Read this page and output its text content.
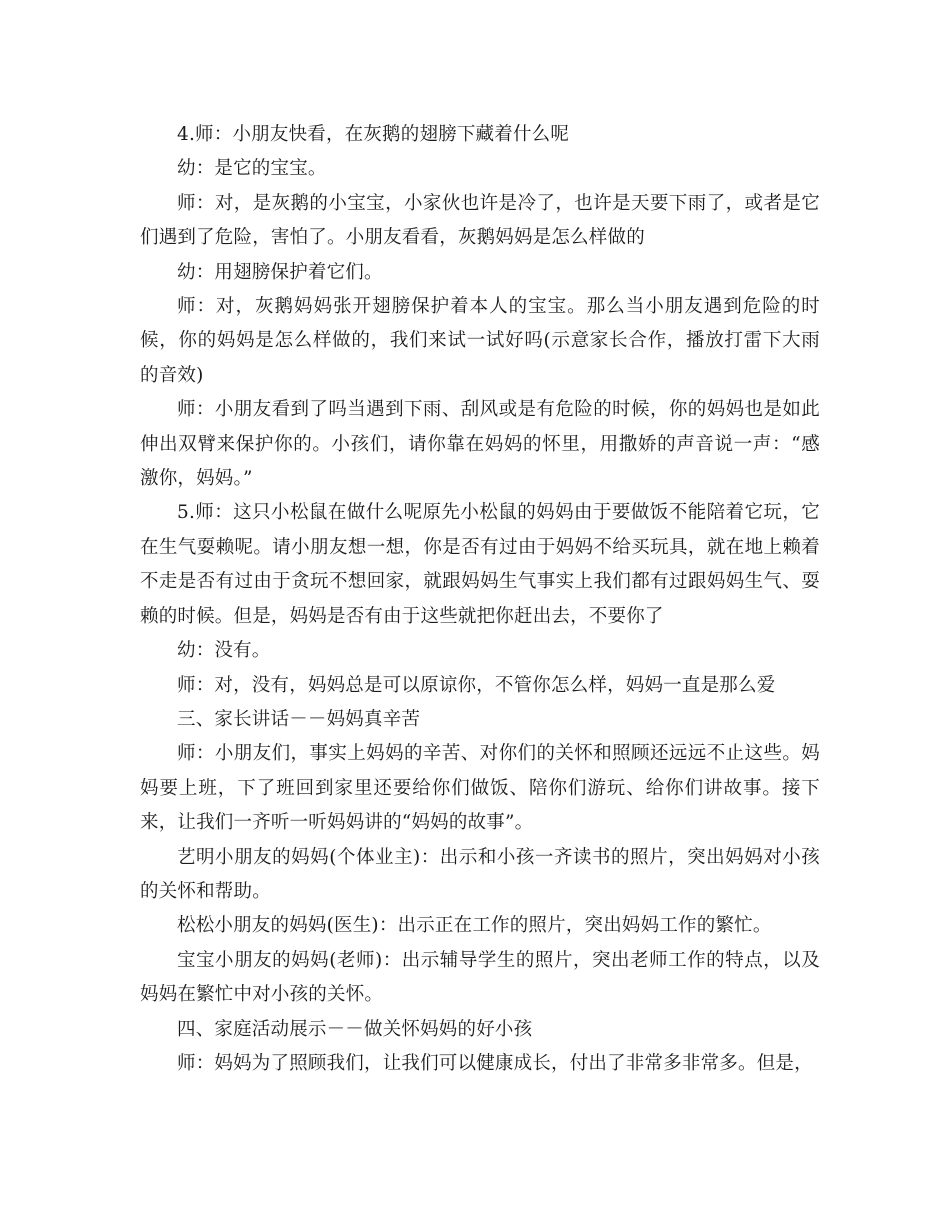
4.师：小朋友快看，在灰鹅的翅膀下藏着什么呢

幼：是它的宝宝。

师：对，是灰鹅的小宝宝，小家伙也许是冷了，也许是天要下雨了，或者是它们遇到了危险，害怕了。小朋友看看，灰鹅妈妈是怎么样做的

幼：用翅膀保护着它们。

师：对，灰鹅妈妈张开翅膀保护着本人的宝宝。那么当小朋友遇到危险的时候，你的妈妈是怎么样做的，我们来试一试好吗(示意家长合作，播放打雷下大雨的音效)

师：小朋友看到了吗当遇到下雨、刮风或是有危险的时候，你的妈妈也是如此伸出双臂来保护你的。小孩们，请你靠在妈妈的怀里，用撒娇的声音说一声：“感激你，妈妈。”

5.师：这只小松鼠在做什么呢原先小松鼠的妈妈由于要做饭不能陪着它玩，它在生气耍赖呢。请小朋友想一想，你是否有过由于妈妈不给买玩具，就在地上赖着不走是否有过由于贪玩不想回家，就跟妈妈生气事实上我们都有过跟妈妈生气、耍赖的时候。但是，妈妈是否有由于这些就把你赶出去，不要你了

幼：没有。

师：对，没有，妈妈总是可以原谅你，不管你怎么样，妈妈一直是那么爱

三、家长讲话－－妈妈真辛苦

师：小朋友们，事实上妈妈的辛苦、对你们的关怀和照顾还远远不止这些。妈妈要上班，下了班回到家里还要给你们做饭、陪你们游玩、给你们讲故事。接下来，让我们一齐听一听妈妈讲的“妈妈的故事”。

艺明小朋友的妈妈(个体业主)：出示和小孩一齐读书的照片，突出妈妈对小孩的关怀和帮助。

松松小朋友的妈妈(医生)：出示正在工作的照片，突出妈妈工作的繁忙。

宝宝小朋友的妈妈(老师)：出示辅导学生的照片，突出老师工作的特点，以及妈妈在繁忙中对小孩的关怀。

四、家庭活动展示－－做关怀妈妈的好小孩

师：妈妈为了照顾我们，让我们可以健康成长，付出了非常多非常多。但是，
